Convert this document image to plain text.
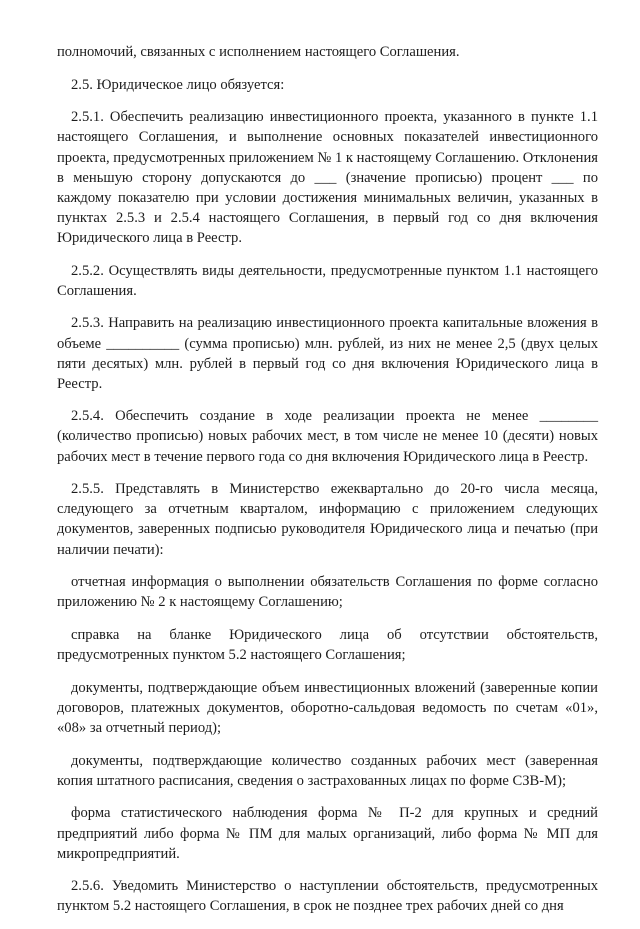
полномочий, связанных с исполнением настоящего Соглашения.

2.5. Юридическое лицо обязуется:

2.5.1. Обеспечить реализацию инвестиционного проекта, указанного в пункте 1.1 настоящего Соглашения, и выполнение основных показателей инвестиционного проекта, предусмотренных приложением № 1 к настоящему Соглашению. Отклонения в меньшую сторону допускаются до ___ (значение прописью) процент ___ по каждому показателю при условии достижения минимальных величин, указанных в пунктах 2.5.3 и 2.5.4 настоящего Соглашения, в первый год со дня включения Юридического лица в Реестр.

2.5.2. Осуществлять виды деятельности, предусмотренные пунктом 1.1 настоящего Соглашения.

2.5.3. Направить на реализацию инвестиционного проекта капитальные вложения в объеме __________ (сумма прописью) млн. рублей, из них не менее 2,5 (двух целых пяти десятых) млн. рублей в первый год со дня включения Юридического лица в Реестр.

2.5.4. Обеспечить создание в ходе реализации проекта не менее ________ (количество прописью) новых рабочих мест, в том числе не менее 10 (десяти) новых рабочих мест в течение первого года со дня включения Юридического лица в Реестр.

2.5.5. Представлять в Министерство ежеквартально до 20-го числа месяца, следующего за отчетным кварталом, информацию с приложением следующих документов, заверенных подписью руководителя Юридического лица и печатью (при наличии печати):

отчетная информация о выполнении обязательств Соглашения по форме согласно приложению № 2 к настоящему Соглашению;

справка на бланке Юридического лица об отсутствии обстоятельств, предусмотренных пунктом 5.2 настоящего Соглашения;

документы, подтверждающие объем инвестиционных вложений (заверенные копии договоров, платежных документов, оборотно-сальдовая ведомость по счетам «01», «08» за отчетный период);

документы, подтверждающие количество созданных рабочих мест (заверенная копия штатного расписания, сведения о застрахованных лицах по форме СЗВ-М);

форма статистического наблюдения форма № П-2 для крупных и средний предприятий либо форма № ПМ для малых организаций, либо форма № МП для микропредприятий.

2.5.6. Уведомить Министерство о наступлении обстоятельств, предусмотренных пунктом 5.2 настоящего Соглашения, в срок не позднее трех рабочих дней со дня
